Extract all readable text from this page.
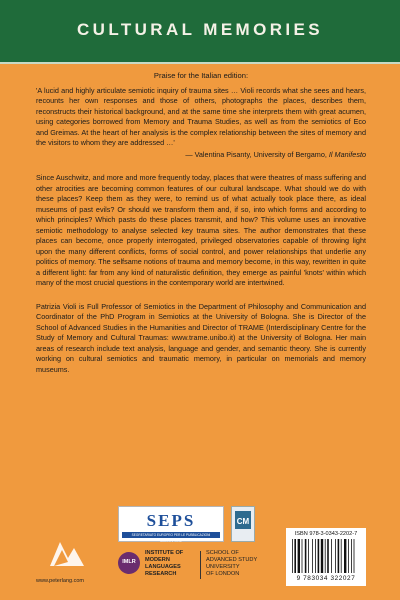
CULTURAL MEMORIES
Praise for the Italian edition:
'A lucid and highly articulate semiotic inquiry of trauma sites … Violi records what she sees and hears, recounts her own responses and those of others, photographs the places, describes them, reconstructs their historical background, and at the same time she interprets them with great acumen, using categories borrowed from Memory and Trauma Studies, as well as from the semiotics of Eco and Greimas. At the heart of her analysis is the complex relationship between the sites of memory and the visitors to whom they are addressed …'
— Valentina Pisanty, University of Bergamo, Il Manifesto
Since Auschwitz, and more and more frequently today, places that were theatres of mass suffering and other atrocities are becoming common features of our cultural landscape. What should we do with these places? Keep them as they were, to remind us of what actually took place there, as ideal museums of past evils? Or should we transform them and, if so, into which forms and according to which principles? Which pasts do these places transmit, and how? This volume uses an innovative semiotic methodology to analyse selected key trauma sites. The author demonstrates that these places can become, once properly interrogated, privileged observatories capable of throwing light upon the many different conflicts, forms of social control, and power relationships that underlie any politics of memory. The selfsame notions of trauma and memory become, in this way, rewritten in quite a different light: far from any kind of naturalistic definition, they emerge as painful 'knots' within which many of the most crucial questions in the contemporary world are intertwined.
Patrizia Violi is Full Professor of Semiotics in the Department of Philosophy and Communication and Coordinator of the PhD Program in Semiotics at the University of Bologna. She is Director of the School of Advanced Studies in the Humanities and Director of TRAME (Interdisciplinary Centre for the Study of Memory and Cultural Traumas: www.trame.unibo.it) at the University of Bologna. Her main areas of research include text analysis, language and gender, and semantic theory. She is currently working on cultural semiotics and traumatic memory, in particular on memorials and memory museums.
www.peterlang.com
SEPS
SEGRETARIATO EUROPEO PER LE PUBBLICAZIONI SCIENTIFICHE
CM
IMLR
INSTITUTE OF
MODERN
LANGUAGES
RESEARCH
SCHOOL OF
ADVANCED STUDY
UNIVERSITY
OF LONDON
ISBN 978-3-0343-2202-7
9 783034 322027
